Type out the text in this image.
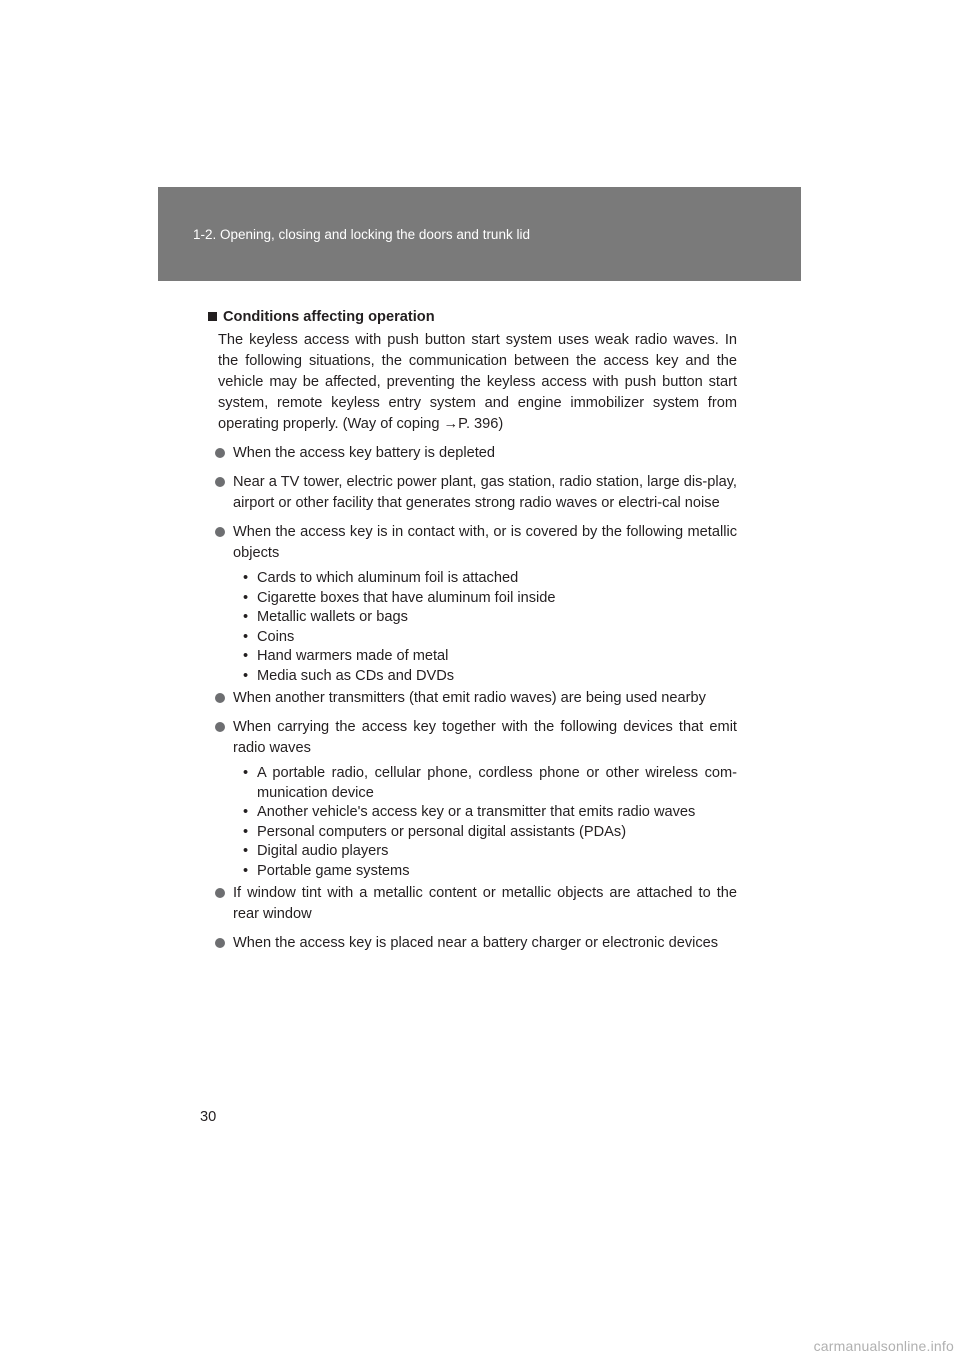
1-2. Opening, closing and locking the doors and trunk lid
Conditions affecting operation
The keyless access with push button start system uses weak radio waves. In the following situations, the communication between the access key and the vehicle may be affected, preventing the keyless access with push button start system, remote keyless entry system and engine immobilizer system from operating properly. (Way of coping →P. 396)
When the access key battery is depleted
Near a TV tower, electric power plant, gas station, radio station, large dis-play, airport or other facility that generates strong radio waves or electri-cal noise
When the access key is in contact with, or is covered by the following metallic objects
• Cards to which aluminum foil is attached
• Cigarette boxes that have aluminum foil inside
• Metallic wallets or bags
• Coins
• Hand warmers made of metal
• Media such as CDs and DVDs
When another transmitters (that emit radio waves) are being used nearby
When carrying the access key together with the following devices that emit radio waves
• A portable radio, cellular phone, cordless phone or other wireless com-munication device
• Another vehicle's access key or a transmitter that emits radio waves
• Personal computers or personal digital assistants (PDAs)
• Digital audio players
• Portable game systems
If window tint with a metallic content or metallic objects are attached to the rear window
When the access key is placed near a battery charger or electronic devices
30
carmanualsonline.info
